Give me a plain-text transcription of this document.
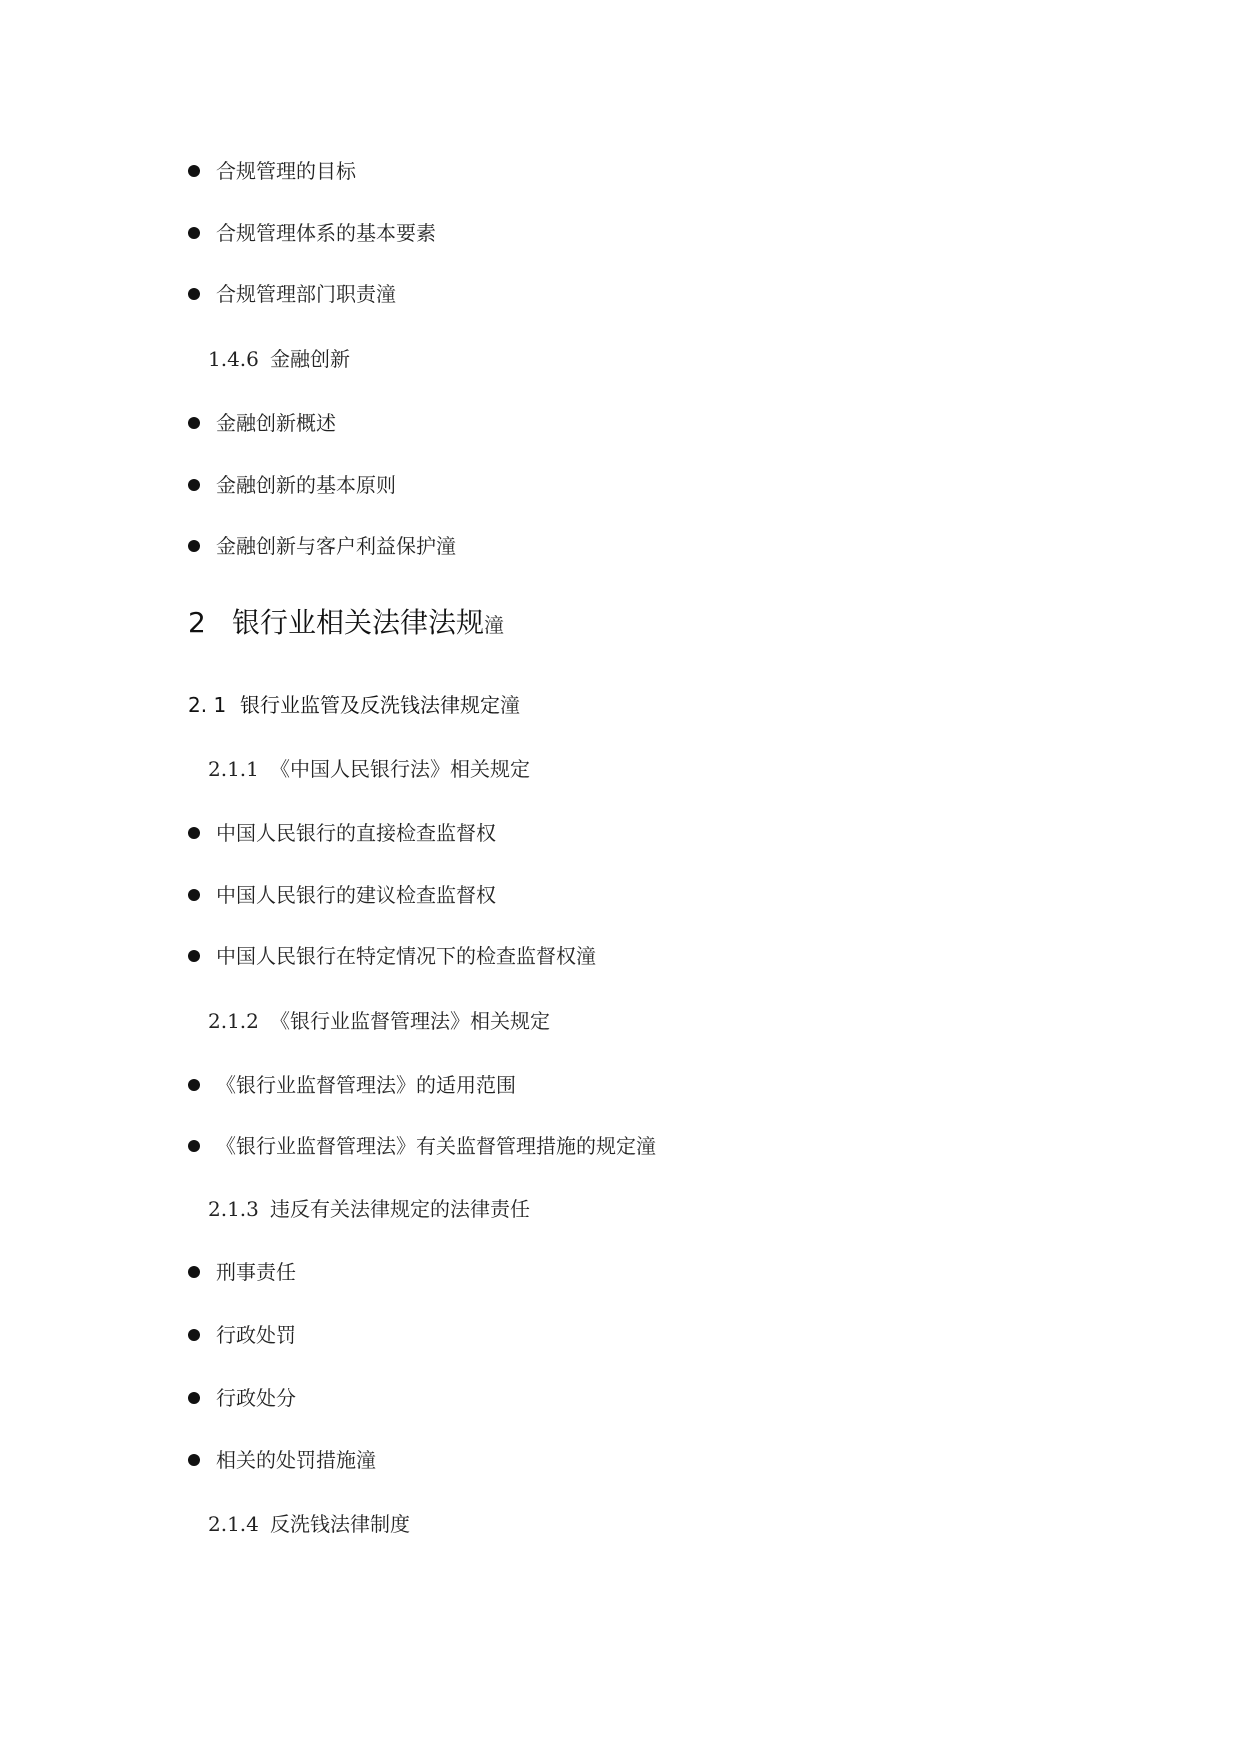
合规管理的目标
合规管理体系的基本要素
合规管理部门职责潼
1.4.6 金融创新
金融创新概述
金融创新的基本原则
金融创新与客户利益保护潼
2 银行业相关法律法规潼
2. 1 银行业监管及反洗钱法律规定潼
2.1.1 《中国人民银行法》相关规定
中国人民银行的直接检查监督权
中国人民银行的建议检查监督权
中国人民银行在特定情况下的检查监督权潼
2.1.2 《银行业监督管理法》相关规定
《银行业监督管理法》的适用范围
《银行业监督管理法》有关监督管理措施的规定潼
2.1.3 违反有关法律规定的法律责任
刑事责任
行政处罚
行政处分
相关的处罚措施潼
2.1.4 反洗钱法律制度
